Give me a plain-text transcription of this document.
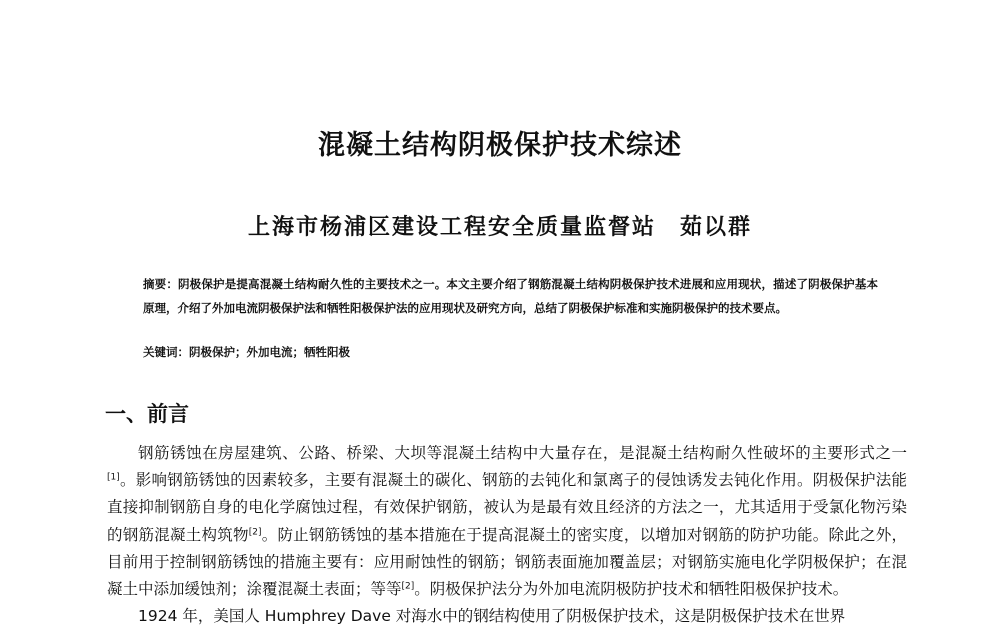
混凝土结构阴极保护技术综述
上海市杨浦区建设工程安全质量监督站　茹以群
摘要：阴极保护是提高混凝土结构耐久性的主要技术之一。本文主要介绍了钢筋混凝土结构阴极保护技术进展和应用现状，描述了阴极保护基本原理，介绍了外加电流阴极保护法和牺牲阳极保护法的应用现状及研究方向，总结了阴极保护标准和实施阴极保护的技术要点。
关键词：阴极保护；外加电流；牺牲阳极
一、前言

钢筋锈蚀在房屋建筑、公路、桥梁、大坝等混凝土结构中大量存在，是混凝土结构耐久性破坏的主要形式之一[1]。影响钢筋锈蚀的因素较多，主要有混凝土的碳化、钢筋的去钝化和氯离子的侵蚀诱发去钝化作用。阴极保护法能直接抑制钢筋自身的电化学腐蚀过程，有效保护钢筋，被认为是最有效且经济的方法之一，尤其适用于受氯化物污染的钢筋混凝土构筑物[2]。防止钢筋锈蚀的基本措施在于提高混凝土的密实度，以增加对钢筋的防护功能。除此之外，目前用于控制钢筋锈蚀的措施主要有：应用耐蚀性的钢筋；钢筋表面施加覆盖层；对钢筋实施电化学阴极保护；在混凝土中添加缓蚀剂；涂覆混凝土表面；等等[2]。阴极保护法分为外加电流阴极防护技术和牺牲阳极保护技术。

1924 年，美国人 Humphrey Dave 对海水中的钢结构使用了阴极保护技术，这是阴极保护技术在世界
